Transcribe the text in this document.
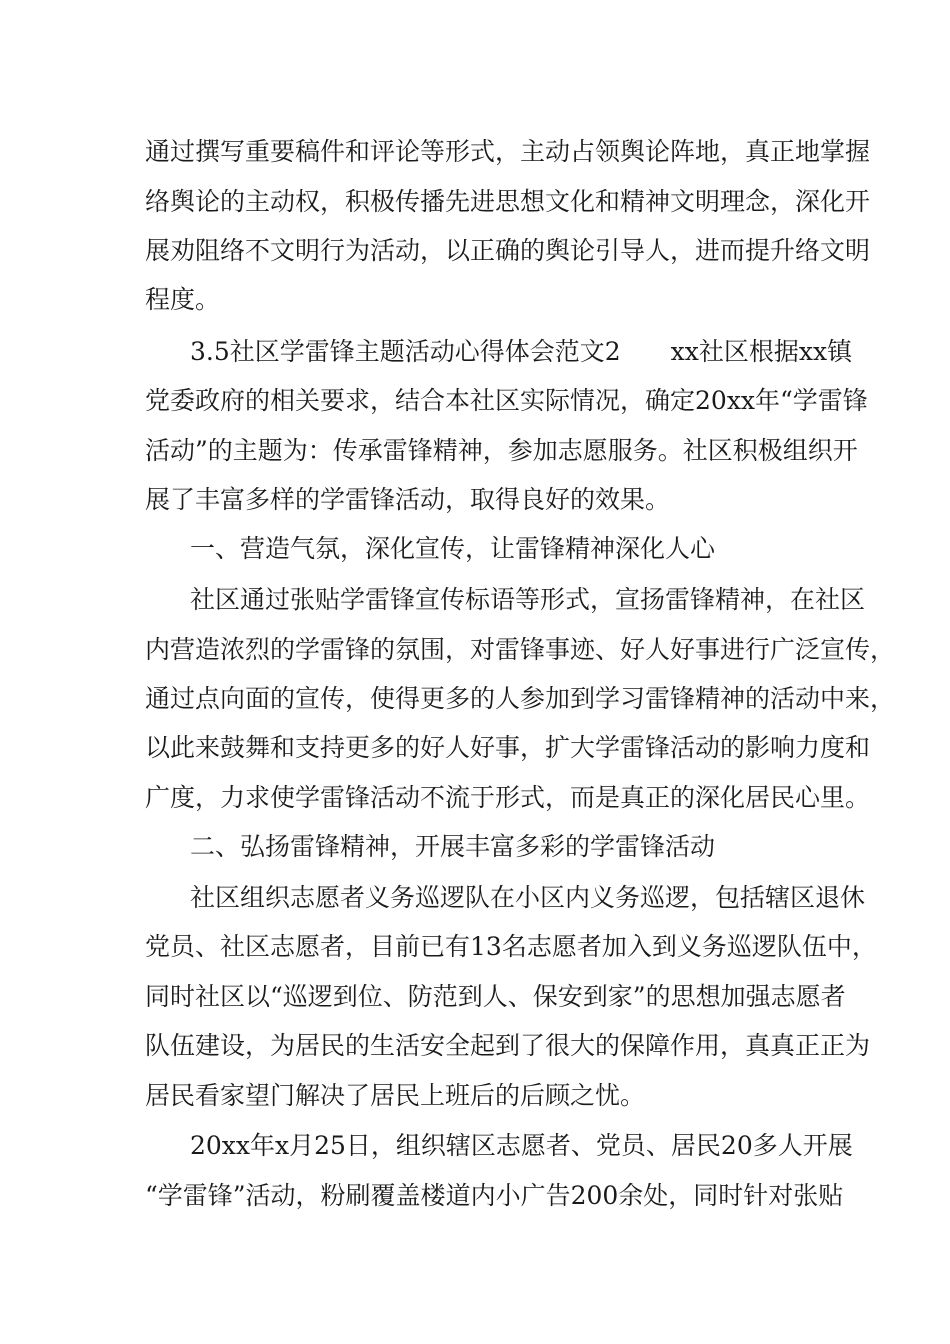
通过撰写重要稿件和评论等形式，主动占领舆论阵地，真正地掌握
络舆论的主动权，积极传播先进思想文化和精神文明理念，深化开
展劝阻络不文明行为活动，以正确的舆论引导人，进而提升络文明
程度。
3.5社区学雷锋主题活动心得体会范文2　　xx社区根据xx镇
党委政府的相关要求，结合本社区实际情况，确定20xx年“学雷锋
活动”的主题为：传承雷锋精神，参加志愿服务。社区积极组织开
展了丰富多样的学雷锋活动，取得良好的效果。
一、营造气氛，深化宣传，让雷锋精神深化人心
社区通过张贴学雷锋宣传标语等形式，宣扬雷锋精神，在社区
内营造浓烈的学雷锋的氛围，对雷锋事迹、好人好事进行广泛宣传，
通过点向面的宣传，使得更多的人参加到学习雷锋精神的活动中来，
以此来鼓舞和支持更多的好人好事，扩大学雷锋活动的影响力度和
广度，力求使学雷锋活动不流于形式，而是真正的深化居民心里。
二、弘扬雷锋精神，开展丰富多彩的学雷锋活动
社区组织志愿者义务巡逻队在小区内义务巡逻，包括辖区退休
党员、社区志愿者，目前已有13名志愿者加入到义务巡逻队伍中，
同时社区以“巡逻到位、防范到人、保安到家”的思想加强志愿者
队伍建设，为居民的生活安全起到了很大的保障作用，真真正正为
居民看家望门解决了居民上班后的后顾之忧。
20xx年x月25日，组织辖区志愿者、党员、居民20多人开展
“学雷锋”活动，粉刷覆盖楼道内小广告200余处，同时针对张贴
